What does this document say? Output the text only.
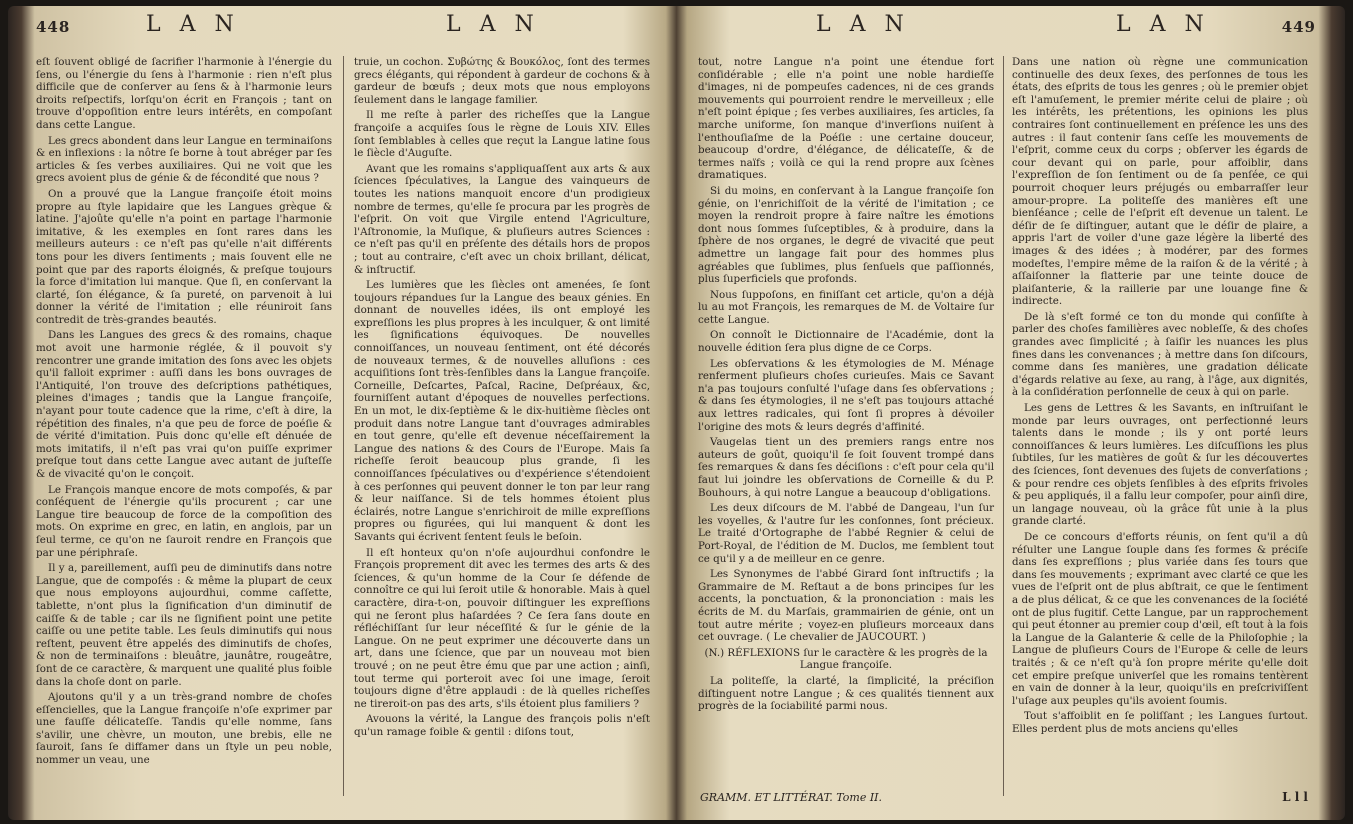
448	L A N	L A N

eſt ſouvent obligé de ſacrifier l'harmonie à l'énergie du ſens, ou l'énergie du ſens à l'harmonie : rien n'eſt plus difficile que de conſerver au ſens & à l'harmonie leurs droits reſpectifs, lorſqu'on écrit en François ; tant on trouve d'oppoſition entre leurs intérêts, en compoſant dans cette Langue.

Les grecs abondent dans leur Langue en terminaiſons & en inflexions : la nôtre ſe borne à tout abréger par ſes articles & ſes verbes auxiliaires. Qui ne voit que les grecs avoient plus de génie & de fécondité que nous ?

On a prouvé que la Langue françoiſe étoit moins propre au ſtyle lapidaire que les Langues grèque & latine. J'ajoûte qu'elle n'a point en partage l'harmonie imitative, & les exemples en ſont rares dans les meilleurs auteurs : ce n'eſt pas qu'elle n'ait différents tons pour les divers ſentiments ; mais ſouvent elle ne point que par des raports éloignés, & preſque toujours la force d'imitation lui manque. Que ſi, en conſervant la clarté, ſon élégance, & ſa pureté, on parvenoit à lui donner la vérité de l'imitation ; elle réuniroit ſans contredit de très-grandes beautés.

Dans les Langues des grecs & des romains, chaque mot avoit une harmonie réglée, & il pouvoit s'y rencontrer une grande imitation des ſons avec les objets qu'il falloit exprimer : auſſi dans les bons ouvrages de l'Antiquité, l'on trouve des deſcriptions pathétiques, pleines d'images ; tandis que la Langue françoiſe, n'ayant pour toute cadence que la rime, c'eſt à dire, la répétition des finales, n'a que peu de force de poéſie & de vérité d'imitation. Puis donc qu'elle eſt dénuée de mots imitatifs, il n'eſt pas vrai qu'on puiſſe exprimer preſque tout dans cette Langue avec autant de juſteſſe & de vivacité qu'on le conçoit.

Le François manque encore de mots compoſés, & par conſéquent de l'énergie qu'ils procurent ; car une Langue tire beaucoup de force de la compoſition des mots. On exprime en grec, en latin, en anglois, par un ſeul terme, ce qu'on ne ſauroit rendre en François que par une périphraſe.

Il y a, pareillement, auſſi peu de diminutifs dans notre Langue, que de compoſés : & même la plupart de ceux que nous employons aujourdhui, comme caſſette, tablette, n'ont plus la ſignification d'un diminutif de caiſſe & de table ; car ils ne ſignifient point une petite caiſſe ou une petite table. Les ſeuls diminutifs qui nous reſtent, peuvent être appelés des diminutifs de choſes, & non de terminaiſons : bleuâtre, jaunâtre, rougeâtre, ſont de ce caractère, & marquent une qualité plus foible dans la choſe dont on parle.

Ajoutons qu'il y a un très-grand nombre de choſes eſſencielles, que la Langue françoiſe n'oſe exprimer par une fauſſe délicateſſe. Tandis qu'elle nomme, ſans s'avilir, une chèvre, un mouton, une brebis, elle ne ſauroit, ſans ſe diffamer dans un ſtyle un peu noble, nommer un veau, une

truie, un cochon. Συβώτης & Βουκόλος, ſont des termes grecs élégants, qui répondent à gardeur de cochons & à gardeur de bœufs ; deux mots que nous employons ſeulement dans le langage familier.

Il me reſte à parler des richeſſes que la Langue françoiſe a acquiſes ſous le règne de Louis XIV. Elles ſont ſemblables à celles que reçut la Langue latine ſous le ſiècle d'Auguſte.

Avant que les romains s'appliquaſſent aux arts & aux ſciences ſpéculatives, la Langue des vainqueurs de toutes les nations manquoit encore d'un prodigieux nombre de termes, qu'elle ſe procura par les progrès de l'eſprit. On voit que Virgile entend l'Agriculture, l'Aſtronomie, la Muſique, & pluſieurs autres Sciences : ce n'eſt pas qu'il en préſente des détails hors de propos ; tout au contraire, c'eſt avec un choix brillant, délicat, & inſtructif.

Les lumières que les ſiècles ont amenées, ſe ſont toujours répandues ſur la Langue des beaux génies. En donnant de nouvelles idées, ils ont employé les expreſſions les plus propres à les inculquer, & ont limité les ſignifications équivoques. De nouvelles connoiſſances, un nouveau ſentiment, ont été décorés de nouveaux termes, & de nouvelles alluſions : ces acquiſitions ſont très-ſenſibles dans la Langue françoiſe. Corneille, Deſcartes, Paſcal, Racine, Deſpréaux, &c, fourniſſent autant d'époques de nouvelles perfections. En un mot, le dix-ſeptième & le dix-huitième ſiècles ont produit dans notre Langue tant d'ouvrages admirables en tout genre, qu'elle eſt devenue néceſſairement la Langue des nations & des Cours de l'Europe. Mais ſa richeſſe ſeroit beaucoup plus grande, ſi les connoiſſances ſpéculatives ou d'expérience s'étendoient à ces perſonnes qui peuvent donner le ton par leur rang & leur naiſſance. Si de tels hommes étoient plus éclairés, notre Langue s'enrichiroit de mille expreſſions propres ou figurées, qui lui manquent & dont les Savants qui écrivent ſentent ſeuls le beſoin.

Il eſt honteux qu'on n'oſe aujourdhui confondre le François proprement dit avec les termes des arts & des ſciences, & qu'un homme de la Cour ſe défende de connoître ce qui lui ſeroit utile & honorable. Mais à quel caractère, dira-t-on, pouvoir diſtinguer les expreſſions qui ne ſeront plus haſardées ? Ce ſera ſans doute en réfléchiſſant ſur leur néceſſité & ſur le génie de la Langue. On ne peut exprimer une découverte dans un art, dans une ſcience, que par un nouveau mot bien trouvé ; on ne peut être ému que par une action ; ainſi, tout terme qui porteroit avec ſoi une image, ſeroit toujours digne d'être applaudi : de là quelles richeſſes ne tireroit-on pas des arts, s'ils étoient plus familiers ?

Avouons la vérité, la Langue des françois polis n'eſt qu'un ramage foible & gentil : diſons tout,

L A N	L A N	449

tout, notre Langue n'a point une étendue fort conſidérable ; elle n'a point une noble hardieſſe d'images, ni de pompeuſes cadences, ni de ces grands mouvements qui pourroient rendre le merveilleux ; elle n'eſt point épique ; ſes verbes auxiliaires, ſes articles, ſa marche uniforme, ſon manque d'inverſions nuiſent à l'enthouſiaſme de la Poéſie : une certaine douceur, beaucoup d'ordre, d'élégance, de délicateſſe, & de termes naïfs ; voilà ce qui la rend propre aux ſcènes dramatiques.

Si du moins, en conſervant à la Langue françoiſe ſon génie, on l'enrichiſſoit de la vérité de l'imitation ; ce moyen la rendroit propre à faire naître les émotions dont nous ſommes ſuſceptibles, & à produire, dans la ſphère de nos organes, le degré de vivacité que peut admettre un langage fait pour des hommes plus agréables que ſublimes, plus ſenſuels que paſſionnés, plus ſuperficiels que profonds.

Nous ſuppoſons, en finiſſant cet article, qu'on a déjà lu au mot François, les remarques de M. de Voltaire ſur cette Langue.

On connoît le Dictionnaire de l'Académie, dont la nouvelle édition ſera plus digne de ce Corps.

Les obſervations & les étymologies de M. Ménage renferment pluſieurs choſes curieuſes. Mais ce Savant n'a pas toujours conſulté l'uſage dans ſes obſervations ; & dans ſes étymologies, il ne s'eſt pas toujours attaché aux lettres radicales, qui ſont ſi propres à dévoiler l'origine des mots & leurs degrés d'affinité.

Vaugelas tient un des premiers rangs entre nos auteurs de goût, quoiqu'il ſe ſoit ſouvent trompé dans ſes remarques & dans ſes déciſions : c'eſt pour cela qu'il faut lui joindre les obſervations de Corneille & du P. Bouhours, à qui notre Langue a beaucoup d'obligations.

Les deux diſcours de M. l'abbé de Dangeau, l'un ſur les voyelles, & l'autre ſur les conſonnes, ſont précieux. Le traité d'Ortographe de l'abbé Regnier & celui de Port-Royal, de l'édition de M. Duclos, me ſemblent tout ce qu'il y a de meilleur en ce genre.

Les Synonymes de l'abbé Girard ſont inſtructifs ; la Grammaire de M. Reſtaut a de bons principes ſur les accents, la ponctuation, & la prononciation : mais les écrits de M. du Marſais, grammairien de génie, ont un tout autre mérite ; voyez-en pluſieurs morceaux dans cet ouvrage. ( Le chevalier de JAUCOURT. )

(N.) RÉFLEXIONS ſur le caractère & les progrès de la Langue françoiſe.

La politeſſe, la clarté, la ſimplicité, la préciſion diſtinguent notre Langue ; & ces qualités tiennent aux progrès de la ſociabilité parmi nous.

GRAMM. ET LITTÉRAT. Tome II.

Dans une nation où règne une communication continuelle des deux ſexes, des perſonnes de tous les états, des eſprits de tous les genres ; où le premier objet eſt l'amuſement, le premier mérite celui de plaire ; où les intérêts, les prétentions, les opinions les plus contraires ſont continuellement en préſence les uns des autres : il faut contenir ſans ceſſe les mouvements de l'eſprit, comme ceux du corps ; obſerver les égards de cour devant qui on parle, pour affoiblir, dans l'expreſſion de ſon ſentiment ou de ſa penſée, ce qui pourroit choquer leurs préjugés ou embarraſſer leur amour-propre. La politeſſe des manières eſt une bienſéance ; celle de l'eſprit eſt devenue un talent. Le déſir de ſe diſtinguer, autant que le déſir de plaire, a appris l'art de voiler d'une gaze légère la liberté des images & des idées ; à modérer, par des formes modeſtes, l'empire même de la raiſon & de la vérité ; à aſſaiſonner la flatterie par une teinte douce de plaiſanterie, & la raillerie par une louange fine & indirecte.

De là s'eſt formé ce ton du monde qui conſiſte à parler des choſes familières avec nobleſſe, & des choſes grandes avec ſimplicité ; à ſaiſir les nuances les plus fines dans les convenances ; à mettre dans ſon diſcours, comme dans ſes manières, une gradation délicate d'égards relative au ſexe, au rang, à l'âge, aux dignités, à la conſidération perſonnelle de ceux à qui on parle.

Les gens de Lettres & les Savants, en inſtruiſant le monde par leurs ouvrages, ont perfectionné leurs talents dans le monde ; ils y ont porté leurs connoiſſances & leurs lumières. Les diſcuſſions les plus ſubtiles, ſur les matières de goût & ſur les découvertes des ſciences, ſont devenues des ſujets de converſations ; & pour rendre ces objets ſenſibles à des eſprits frivoles & peu appliqués, il a fallu leur compoſer, pour ainſi dire, un langage nouveau, où la grâce fût unie à la plus grande clarté.

De ce concours d'efforts réunis, on ſent qu'il a dû réſulter une Langue ſouple dans ſes formes & préciſe dans ſes expreſſions ; plus variée dans ſes tours que dans ſes mouvements ; exprimant avec clarté ce que les vues de l'eſprit ont de plus abſtrait, ce que le ſentiment a de plus délicat, & ce que les convenances de la ſociété ont de plus fugitif. Cette Langue, par un rapprochement qui peut étonner au premier coup d'œil, eſt tout à la fois la Langue de la Galanterie & celle de la Philoſophie ; la Langue de pluſieurs Cours de l'Europe & celle de leurs traités ; & ce n'eſt qu'à ſon propre mérite qu'elle doit cet empire preſque univerſel que les romains tentèrent en vain de donner à la leur, quoiqu'ils en preſcriviſſent l'uſage aux peuples qu'ils avoient ſoumis.

Tout s'affoiblit en ſe poliſſant ; les Langues ſurtout. Elles perdent plus de mots anciens qu'elles

L l l
